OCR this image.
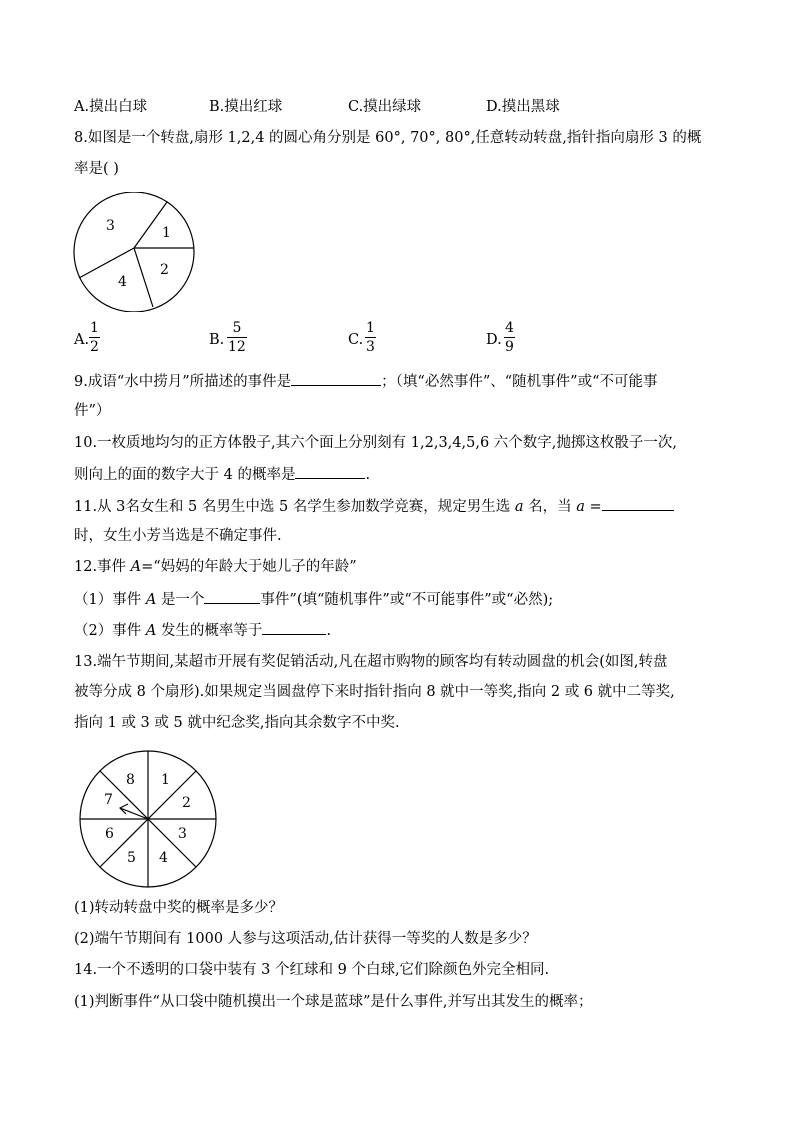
A.摸出白球	B.摸出红球	C.摸出绿球	D.摸出黑球
8.如图是一个转盘,扇形 1,2,4 的圆心角分别是 60°, 70°, 80°,任意转动转盘,指针指向扇形 3 的概
率是( )
1
2
3
4
A.
1
2	B.
5
12	C.
1
3	D.
4
9
9.成语“水中捞月”所描述的事件是	；（填“必然事件”、“随机事件”或“不可能事
件”）
10.一枚质地均匀的正方体骰子,其六个面上分别刻有 1,2,3,4,5,6 六个数字,抛掷这枚骰子一次,
则向上的面的数字大于 4 的概率是	.
11.从 3名女生和 5 名男生中选 5 名学生参加数学竞赛，规定男生选 a 名，当 a =
时，女生小芳当选是不确定事件.
12.事件 A=“妈妈的年龄大于她儿子的年龄”
（1）事件 A 是一个	事件”(填“随机事件”或“不可能事件”或“必然);
（2）事件 A 发生的概率等于	.
13.端午节期间,某超市开展有奖促销活动,凡在超市购物的顾客均有转动圆盘的机会(如图,转盘
被等分成 8 个扇形).如果规定当圆盘停下来时指针指向 8 就中一等奖,指向 2 或 6 就中二等奖,
指向 1 或 3 或 5 就中纪念奖,指向其余数字不中奖.
1
2
3
4
5
6
7
8
(1)转动转盘中奖的概率是多少？
(2)端午节期间有 1000 人参与这项活动,估计获得一等奖的人数是多少？
14.一个不透明的口袋中装有 3 个红球和 9 个白球,它们除颜色外完全相同.
(1)判断事件“从口袋中随机摸出一个球是蓝球”是什么事件,并写出其发生的概率；
